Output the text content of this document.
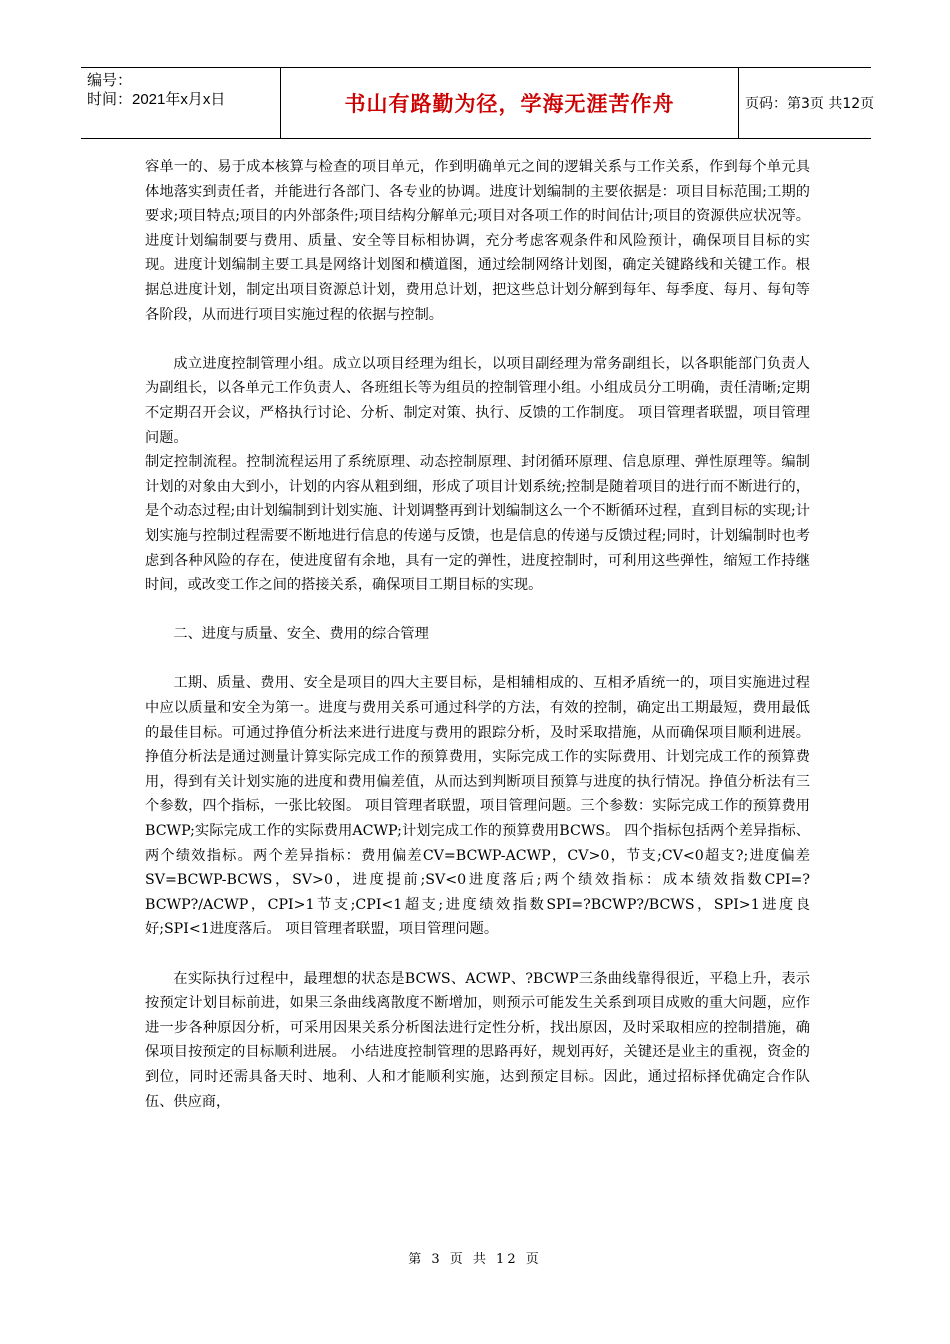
编号：
时间：2021年x月x日	书山有路勤为径，学海无涯苦作舟	页码：第3页 共12页

容单一的、易于成本核算与检查的项目单元，作到明确单元之间的逻辑关系与工作关系，作到每个单元具体地落实到责任者，并能进行各部门、各专业的协调。进度计划编制的主要依据是：项目目标范围;工期的要求;项目特点;项目的内外部条件;项目结构分解单元;项目对各项工作的时间估计;项目的资源供应状况等。进度计划编制要与费用、质量、安全等目标相协调，充分考虑客观条件和风险预计，确保项目目标的实现。进度计划编制主要工具是网络计划图和横道图，通过绘制网络计划图，确定关键路线和关键工作。根据总进度计划，制定出项目资源总计划，费用总计划，把这些总计划分解到每年、每季度、每月、每旬等各阶段，从而进行项目实施过程的依据与控制。

成立进度控制管理小组。成立以项目经理为组长，以项目副经理为常务副组长，以各职能部门负责人为副组长，以各单元工作负责人、各班组长等为组员的控制管理小组。小组成员分工明确，责任清晰;定期不定期召开会议，严格执行讨论、分析、制定对策、执行、反馈的工作制度。 项目管理者联盟，项目管理问题。

制定控制流程。控制流程运用了系统原理、动态控制原理、封闭循环原理、信息原理、弹性原理等。编制计划的对象由大到小，计划的内容从粗到细，形成了项目计划系统;控制是随着项目的进行而不断进行的，是个动态过程;由计划编制到计划实施、计划调整再到计划编制这么一个不断循环过程，直到目标的实现;计划实施与控制过程需要不断地进行信息的传递与反馈，也是信息的传递与反馈过程;同时，计划编制时也考虑到各种风险的存在，使进度留有余地，具有一定的弹性，进度控制时，可利用这些弹性，缩短工作持继时间，或改变工作之间的搭接关系，确保项目工期目标的实现。

二、进度与质量、安全、费用的综合管理

工期、质量、费用、安全是项目的四大主要目标，是相辅相成的、互相矛盾统一的，项目实施进过程中应以质量和安全为第一。进度与费用关系可通过科学的方法，有效的控制，确定出工期最短，费用最低的最佳目标。可通过挣值分析法来进行进度与费用的跟踪分析，及时采取措施，从而确保项目顺利进展。挣值分析法是通过测量计算实际完成工作的预算费用，实际完成工作的实际费用、计划完成工作的预算费用，得到有关计划实施的进度和费用偏差值，从而达到判断项目预算与进度的执行情况。挣值分析法有三个参数，四个指标，一张比较图。 项目管理者联盟，项目管理问题。三个参数：实际完成工作的预算费用BCWP;实际完成工作的实际费用ACWP;计划完成工作的预算费用BCWS。 四个指标包括两个差异指标、两个绩效指标。两个差异指标：费用偏差CV=BCWP-ACWP，CV>0，节支;CV<0超支?;进度偏差SV=BCWP-BCWS，SV>0，进度提前;SV<0进度落后;两个绩效指标：成本绩效指数CPI=?BCWP?/ACWP，CPI>1节支;CPI<1超支;进度绩效指数SPI=?BCWP?/BCWS，SPI>1进度良好;SPI<1进度落后。 项目管理者联盟，项目管理问题。

在实际执行过程中，最理想的状态是BCWS、ACWP、?BCWP三条曲线靠得很近，平稳上升，表示按预定计划目标前进，如果三条曲线离散度不断增加，则预示可能发生关系到项目成败的重大问题，应作进一步各种原因分析，可采用因果关系分析图法进行定性分析，找出原因，及时采取相应的控制措施，确保项目按预定的目标顺利进展。 小结进度控制管理的思路再好，规划再好，关键还是业主的重视，资金的到位，同时还需具备天时、地利、人和才能顺利实施，达到预定目标。因此，通过招标择优确定合作队伍、供应商，

第 3 页 共 12 页
